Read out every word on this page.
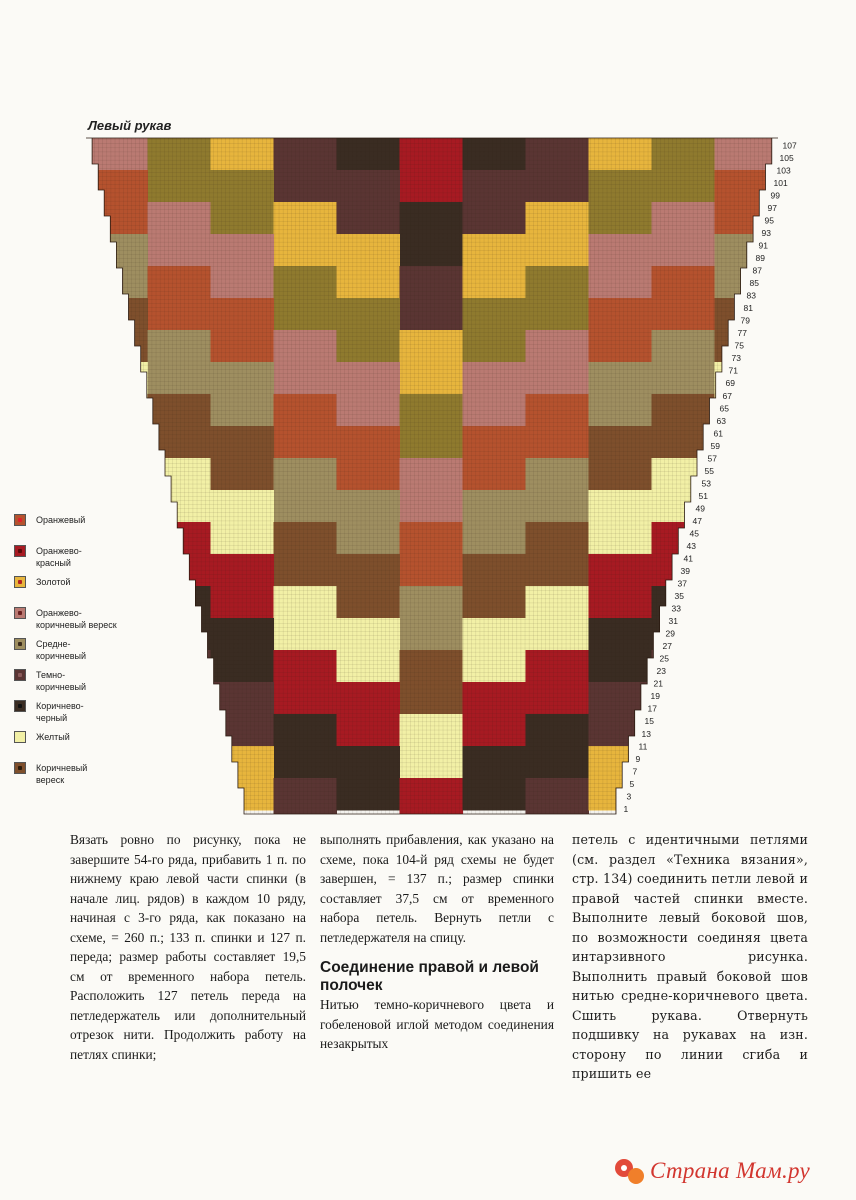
Левый рукав
107
105
103
101
99
97
95
93
91
89
87
85
83
81
79
77
75
73
71
69
67
65
63
61
59
57
55
53
51
49
47
45
43
41
39
37
35
33
31
29
27
25
23
21
19
17
15
13
11
9
7
5
3
1
Оранжевый
Оранжево-
красный
Золотой
Оранжево-
коричневый вереск
Средне-
коричневый
Темно-
коричневый
Коричнево-
черный
Желтый
Коричневый
вереск

Вязать ровно по рисунку, пока не завершите 54-го ряда, прибавить 1 п. по нижнему краю левой части спинки (в начале лиц. рядов) в каждом 10 ряду, начиная с 3-го ряда, как показано на схеме, = 260 п.; 133 п. спинки и 127 п. переда; размер работы составляет 19,5 см от временного набора петель. Расположить 127 петель переда на петледержатель или дополнительный отрезок нити. Продолжить работу на петлях спинки;

выполнять прибавления, как указано на схеме, пока 104-й ряд схемы не будет завершен, = 137 п.; размер спинки составляет 37,5 см от временного набора петель. Вернуть петли с петледержателя на спицу.

Соединение правой и левой полочек

Нитью темно-коричневого цвета и гобеленовой иглой методом соединения незакрытых

петель с идентичными петлями (см. раздел «Техника вязания», стр. 134) соединить петли левой и правой частей спинки вместе. Выполните левый боковой шов, по возможности соединяя цвета интарзивного рисунка. Выполнить правый боковой шов нитью средне-коричневого цвета. Сшить рукава. Отвернуть подшивку на рукавах на изн. сторону по линии сгиба и пришить ее

Страна Мам.ру
